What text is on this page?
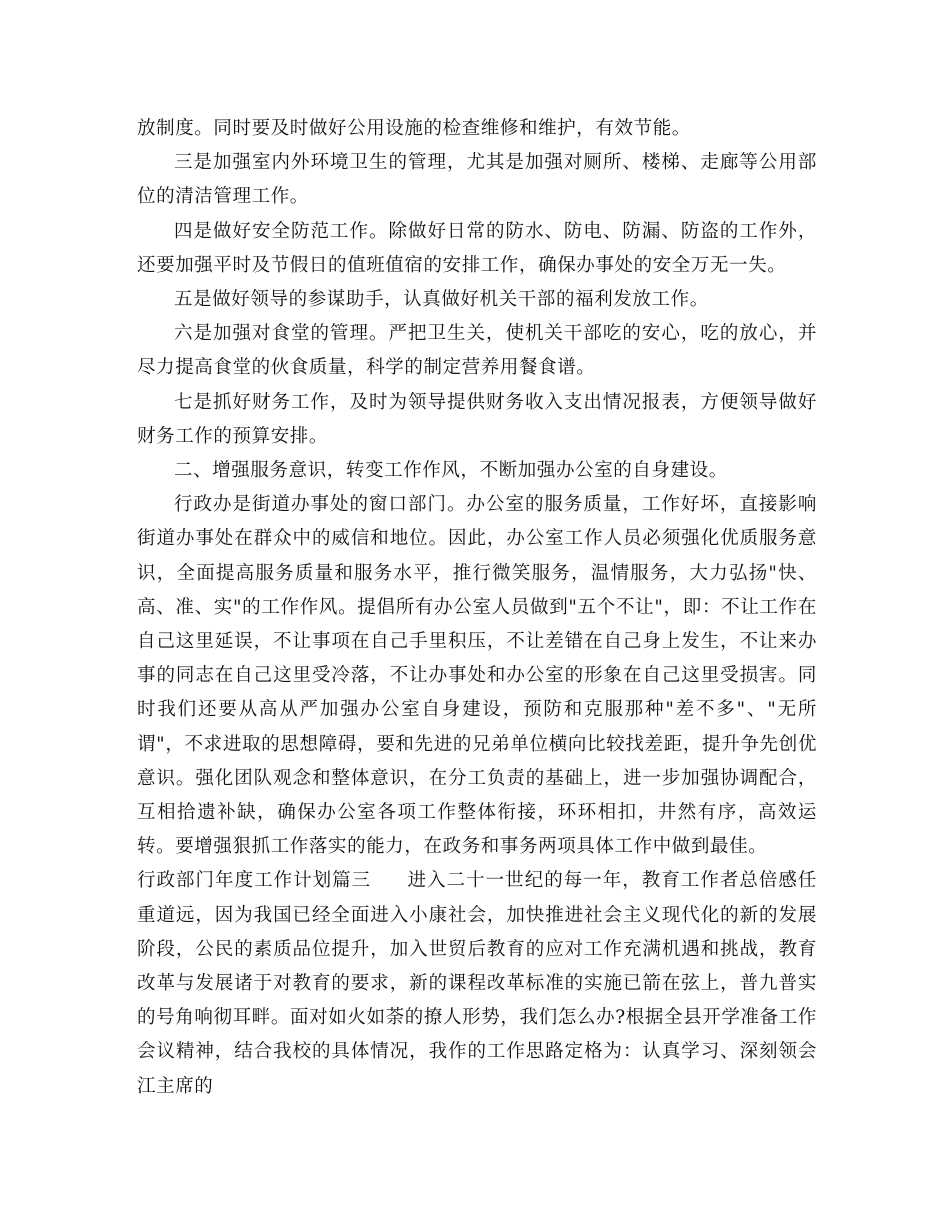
放制度。同时要及时做好公用设施的检查维修和维护，有效节能。

三是加强室内外环境卫生的管理，尤其是加强对厕所、楼梯、走廊等公用部位的清洁管理工作。

四是做好安全防范工作。除做好日常的防水、防电、防漏、防盗的工作外，还要加强平时及节假日的值班值宿的安排工作，确保办事处的安全万无一失。

五是做好领导的参谋助手，认真做好机关干部的福利发放工作。

六是加强对食堂的管理。严把卫生关，使机关干部吃的安心，吃的放心，并尽力提高食堂的伙食质量，科学的制定营养用餐食谱。

七是抓好财务工作，及时为领导提供财务收入支出情况报表，方便领导做好财务工作的预算安排。

二、增强服务意识，转变工作作风，不断加强办公室的自身建设。

行政办是街道办事处的窗口部门。办公室的服务质量，工作好坏，直接影响街道办事处在群众中的威信和地位。因此，办公室工作人员必须强化优质服务意识，全面提高服务质量和服务水平，推行微笑服务，温情服务，大力弘扬"快、高、准、实"的工作作风。提倡所有办公室人员做到"五个不让"，即：不让工作在自己这里延误，不让事项在自己手里积压，不让差错在自己身上发生，不让来办事的同志在自己这里受冷落，不让办事处和办公室的形象在自己这里受损害。同时我们还要从高从严加强办公室自身建设，预防和克服那种"差不多"、"无所谓"，不求进取的思想障碍，要和先进的兄弟单位横向比较找差距，提升争先创优意识。强化团队观念和整体意识，在分工负责的基础上，进一步加强协调配合，互相拾遗补缺，确保办公室各项工作整体衔接，环环相扣，井然有序，高效运转。要增强狠抓工作落实的能力，在政务和事务两项具体工作中做到最佳。

行政部门年度工作计划篇三 进入二十一世纪的每一年，教育工作者总倍感任重道远，因为我国已经全面进入小康社会，加快推进社会主义现代化的新的发展阶段，公民的素质品位提升，加入世贸后教育的应对工作充满机遇和挑战，教育改革与发展诸于对教育的要求，新的课程改革标准的实施已箭在弦上，普九普实的号角响彻耳畔。面对如火如荼的撩人形势，我们怎么办?根据全县开学准备工作会议精神，结合我校的具体情况，我作的工作思路定格为：认真学习、深刻领会江主席的
